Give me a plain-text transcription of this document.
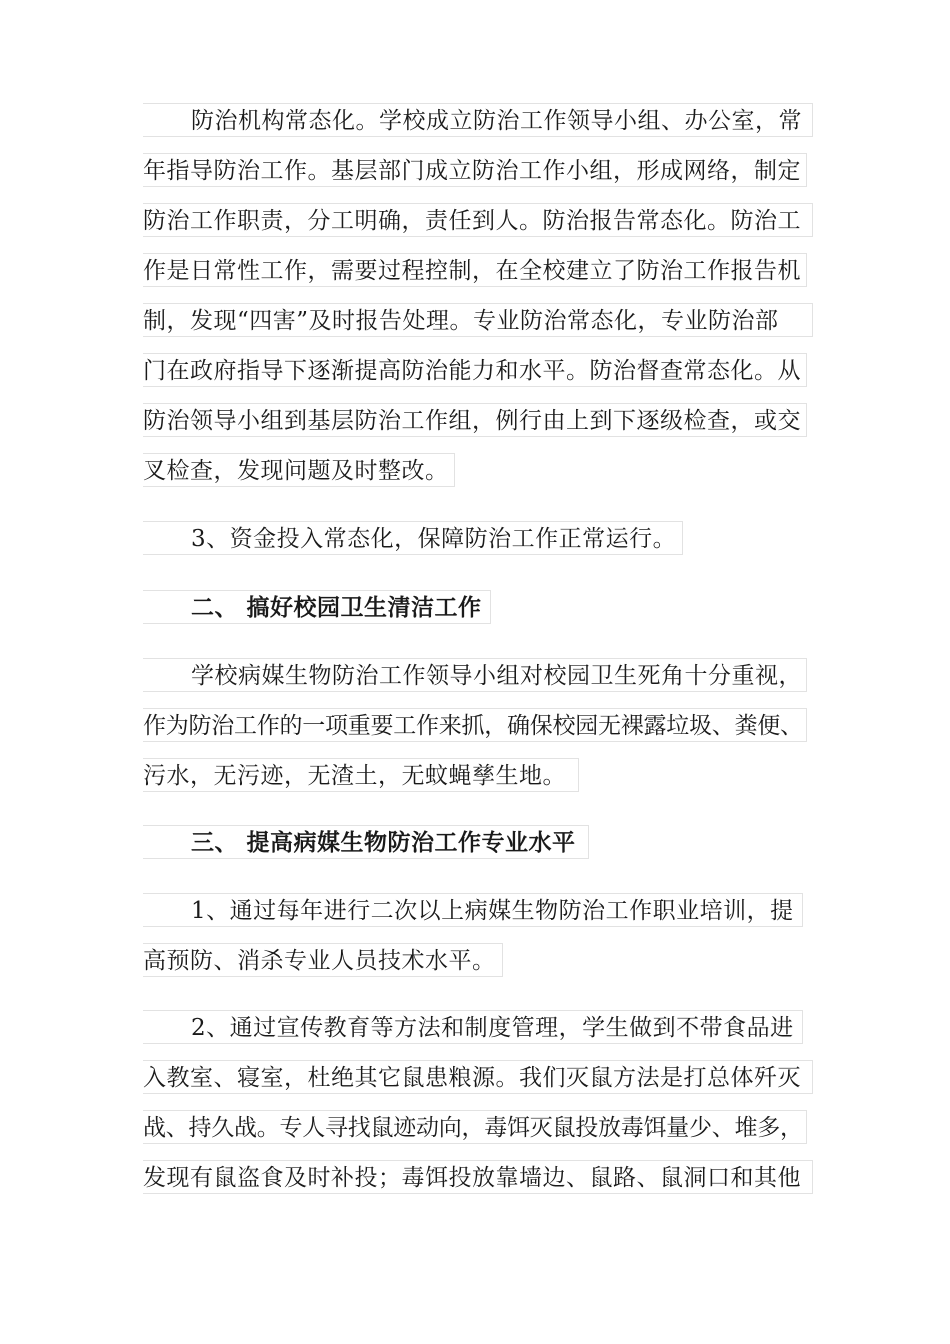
防治机构常态化。学校成立防治工作领导小组、办公室，常
年指导防治工作。基层部门成立防治工作小组，形成网络，制定
防治工作职责，分工明确，责任到人。防治报告常态化。防治工
作是日常性工作，需要过程控制，在全校建立了防治工作报告机
制，发现“四害”及时报告处理。专业防治常态化，专业防治部
门在政府指导下逐渐提高防治能力和水平。防治督查常态化。从
防治领导小组到基层防治工作组，例行由上到下逐级检查，或交
叉检查，发现问题及时整改。
3、资金投入常态化，保障防治工作正常运行。
二、 搞好校园卫生清洁工作
学校病媒生物防治工作领导小组对校园卫生死角十分重视，
作为防治工作的一项重要工作来抓，确保校园无裸露垃圾、粪便、
污水，无污迹，无渣土，无蚊蝇孳生地。
三、 提高病媒生物防治工作专业水平
1、通过每年进行二次以上病媒生物防治工作职业培训，提
高预防、消杀专业人员技术水平。
2、通过宣传教育等方法和制度管理，学生做到不带食品进
入教室、寝室，杜绝其它鼠患粮源。我们灭鼠方法是打总体歼灭
战、持久战。专人寻找鼠迹动向，毒饵灭鼠投放毒饵量少、堆多，
发现有鼠盗食及时补投；毒饵投放靠墙边、鼠路、鼠洞口和其他
